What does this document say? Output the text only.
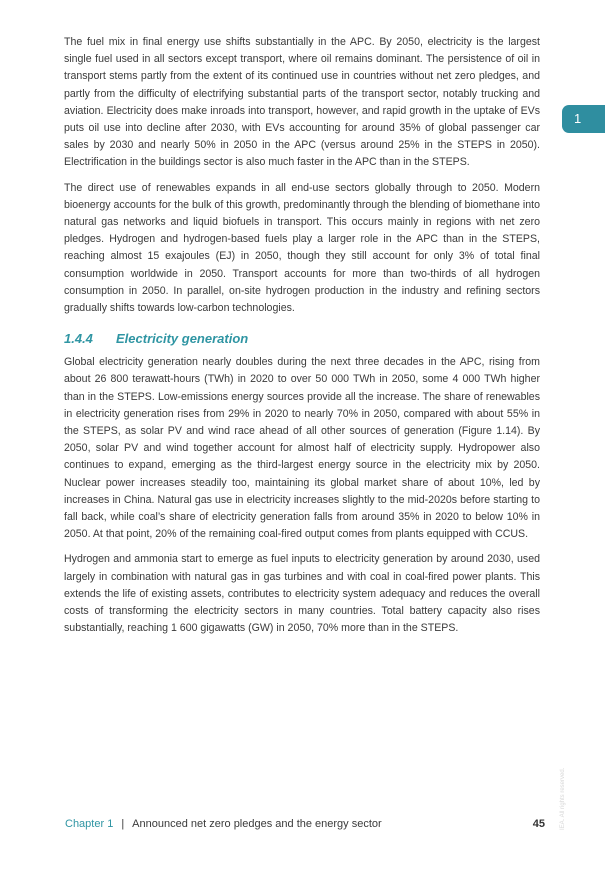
1

The fuel mix in final energy use shifts substantially in the APC. By 2050, electricity is the largest single fuel used in all sectors except transport, where oil remains dominant. The persistence of oil in transport stems partly from the extent of its continued use in countries without net zero pledges, and partly from the difficulty of electrifying substantial parts of the transport sector, notably trucking and aviation. Electricity does make inroads into transport, however, and rapid growth in the uptake of EVs puts oil use into decline after 2030, with EVs accounting for around 35% of global passenger car sales by 2030 and nearly 50% in 2050 in the APC (versus around 25% in the STEPS in 2050). Electrification in the buildings sector is also much faster in the APC than in the STEPS.

The direct use of renewables expands in all end-use sectors globally through to 2050. Modern bioenergy accounts for the bulk of this growth, predominantly through the blending of biomethane into natural gas networks and liquid biofuels in transport. This occurs mainly in regions with net zero pledges. Hydrogen and hydrogen-based fuels play a larger role in the APC than in the STEPS, reaching almost 15 exajoules (EJ) in 2050, though they still account for only 3% of total final consumption worldwide in 2050. Transport accounts for more than two-thirds of all hydrogen consumption in 2050. In parallel, on-site hydrogen production in the industry and refining sectors gradually shifts towards low-carbon technologies.

1.4.4	Electricity generation

Global electricity generation nearly doubles during the next three decades in the APC, rising from about 26 800 terawatt-hours (TWh) in 2020 to over 50 000 TWh in 2050, some 4 000 TWh higher than in the STEPS. Low-emissions energy sources provide all the increase. The share of renewables in electricity generation rises from 29% in 2020 to nearly 70% in 2050, compared with about 55% in the STEPS, as solar PV and wind race ahead of all other sources of generation (Figure 1.14). By 2050, solar PV and wind together account for almost half of electricity supply. Hydropower also continues to expand, emerging as the third-largest energy source in the electricity mix by 2050. Nuclear power increases steadily too, maintaining its global market share of about 10%, led by increases in China. Natural gas use in electricity increases slightly to the mid-2020s before starting to fall back, while coal’s share of electricity generation falls from around 35% in 2020 to below 10% in 2050. At that point, 20% of the remaining coal-fired output comes from plants equipped with CCUS.

Hydrogen and ammonia start to emerge as fuel inputs to electricity generation by around 2030, used largely in combination with natural gas in gas turbines and with coal in coal-fired power plants. This extends the life of existing assets, contributes to electricity system adequacy and reduces the overall costs of transforming the electricity sectors in many countries. Total battery capacity also rises substantially, reaching 1 600 gigawatts (GW) in 2050, 70% more than in the STEPS.

Chapter 1 | Announced net zero pledges and the energy sector	45	IEA. All rights reserved.
